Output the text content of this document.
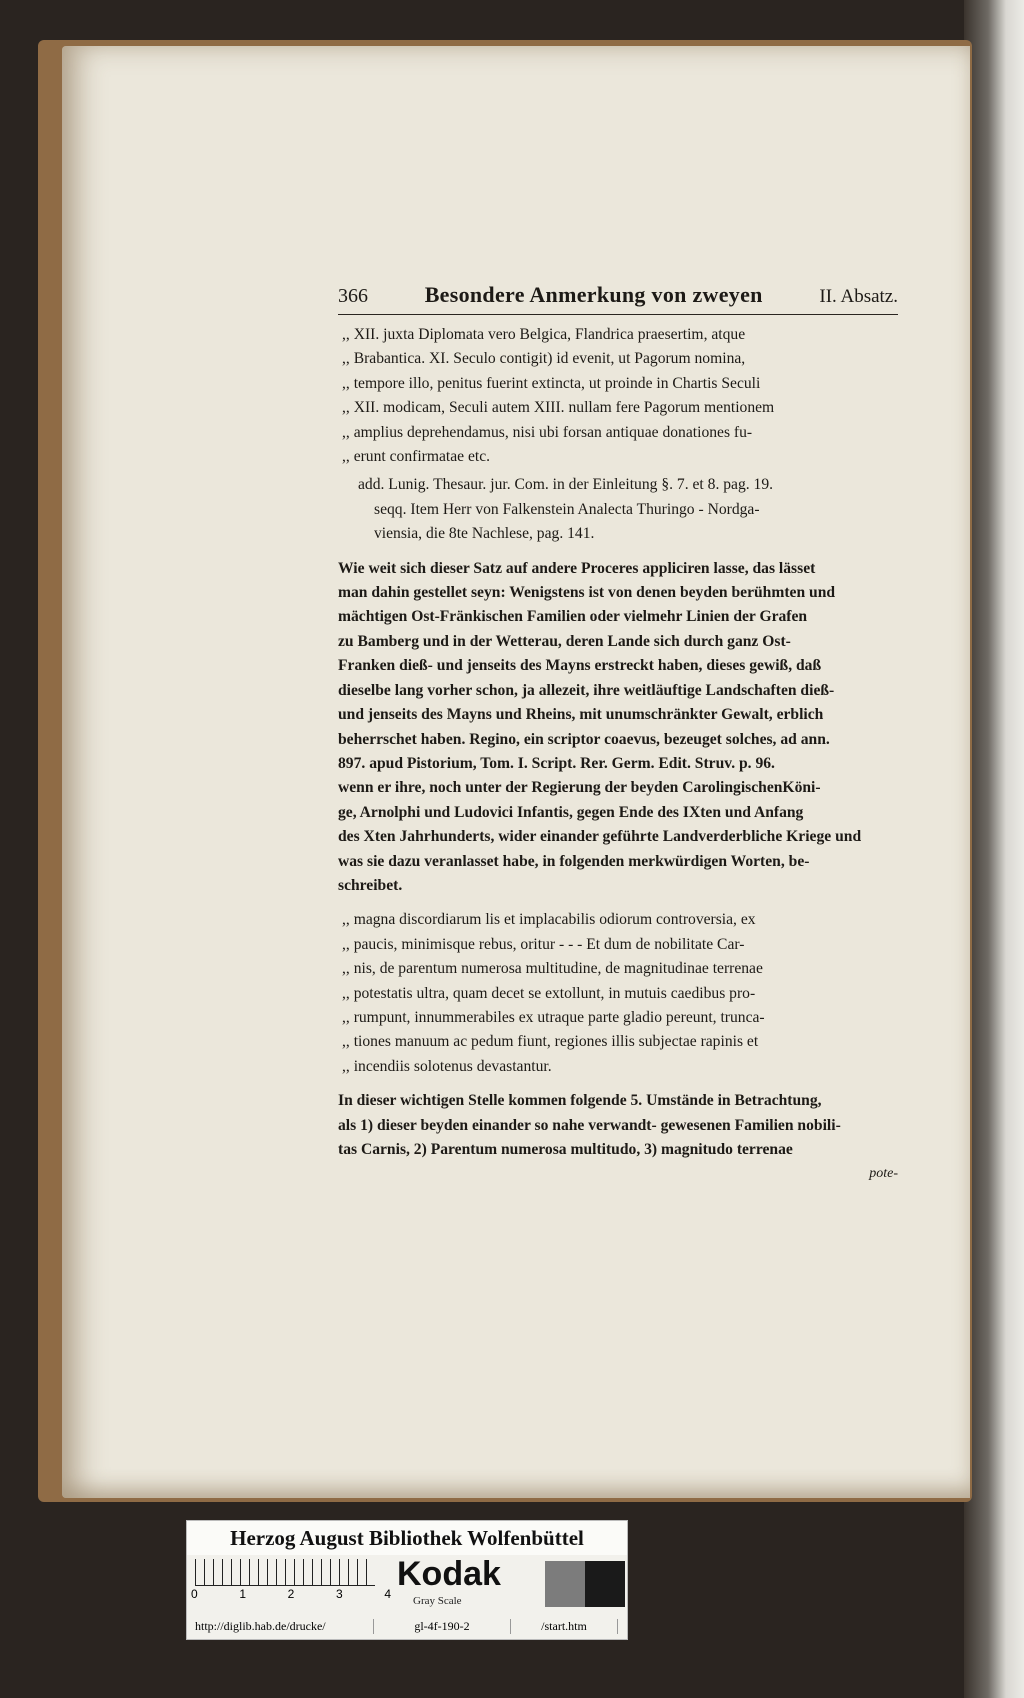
366	Besondere Anmerkung von zweyen	II. Absatz.

,, XII. juxta Diplomata vero Belgica, Flandrica praesertim, atque

,, Brabantica. XI. Seculo contigit) id evenit, ut Pagorum nomina,

,, tempore illo, penitus fuerint extincta, ut proinde in Chartis Seculi

,, XII. modicam, Seculi autem XIII. nullam fere Pagorum mentionem

,, amplius deprehendamus, nisi ubi forsan antiquae donationes fu-

,, erunt confirmatae etc.

add. Lunig. Thesaur. jur. Com. in der Einleitung §. 7. et 8. pag. 19.

seqq. Item Herr von Falkenstein Analecta Thuringo - Nordga-

viensia, die 8te Nachlese, pag. 141.

Wie weit sich dieser Satz auf andere Proceres appliciren lasse, das lässet

man dahin gestellet seyn: Wenigstens ist von denen beyden berühmten und

mächtigen Ost-Fränkischen Familien oder vielmehr Linien der Grafen

zu Bamberg und in der Wetterau, deren Lande sich durch ganz Ost-

Franken dieß- und jenseits des Mayns erstreckt haben, dieses gewiß, daß

dieselbe lang vorher schon, ja allezeit, ihre weitläuftige Landschaften dieß-

und jenseits des Mayns und Rheins, mit unumschränkter Gewalt, erblich

beherrschet haben. Regino, ein scriptor coaevus, bezeuget solches, ad ann.

897. apud Pistorium, Tom. I. Script. Rer. Germ. Edit. Struv. p. 96.

wenn er ihre, noch unter der Regierung der beyden CarolingischenKöni-

ge, Arnolphi und Ludovici Infantis, gegen Ende des IXten und Anfang

des Xten Jahrhunderts, wider einander geführte Landverderbliche Kriege und

was sie dazu veranlasset habe, in folgenden merkwürdigen Worten, be-

schreibet.

,, magna discordiarum lis et implacabilis odiorum controversia, ex

,, paucis, minimisque rebus, oritur - - - Et dum de nobilitate Car-

,, nis, de parentum numerosa multitudine, de magnitudinae terrenae

,, potestatis ultra, quam decet se extollunt, in mutuis caedibus pro-

,, rumpunt, innummerabiles ex utraque parte gladio pereunt, trunca-

,, tiones manuum ac pedum fiunt, regiones illis subjectae rapinis et

,, incendiis solotenus devastantur.

In dieser wichtigen Stelle kommen folgende 5. Umstände in Betrachtung,

als 1) dieser beyden einander so nahe verwandt- gewesenen Familien nobili-

tas Carnis, 2) Parentum numerosa multitudo, 3) magnitudo terrenae

pote-
Herzog August Bibliothek Wolfenbüttel
0	1	2	3	4
Kodak
Gray Scale
http://diglib.hab.de/drucke/	gl-4f-190-2	/start.htm
